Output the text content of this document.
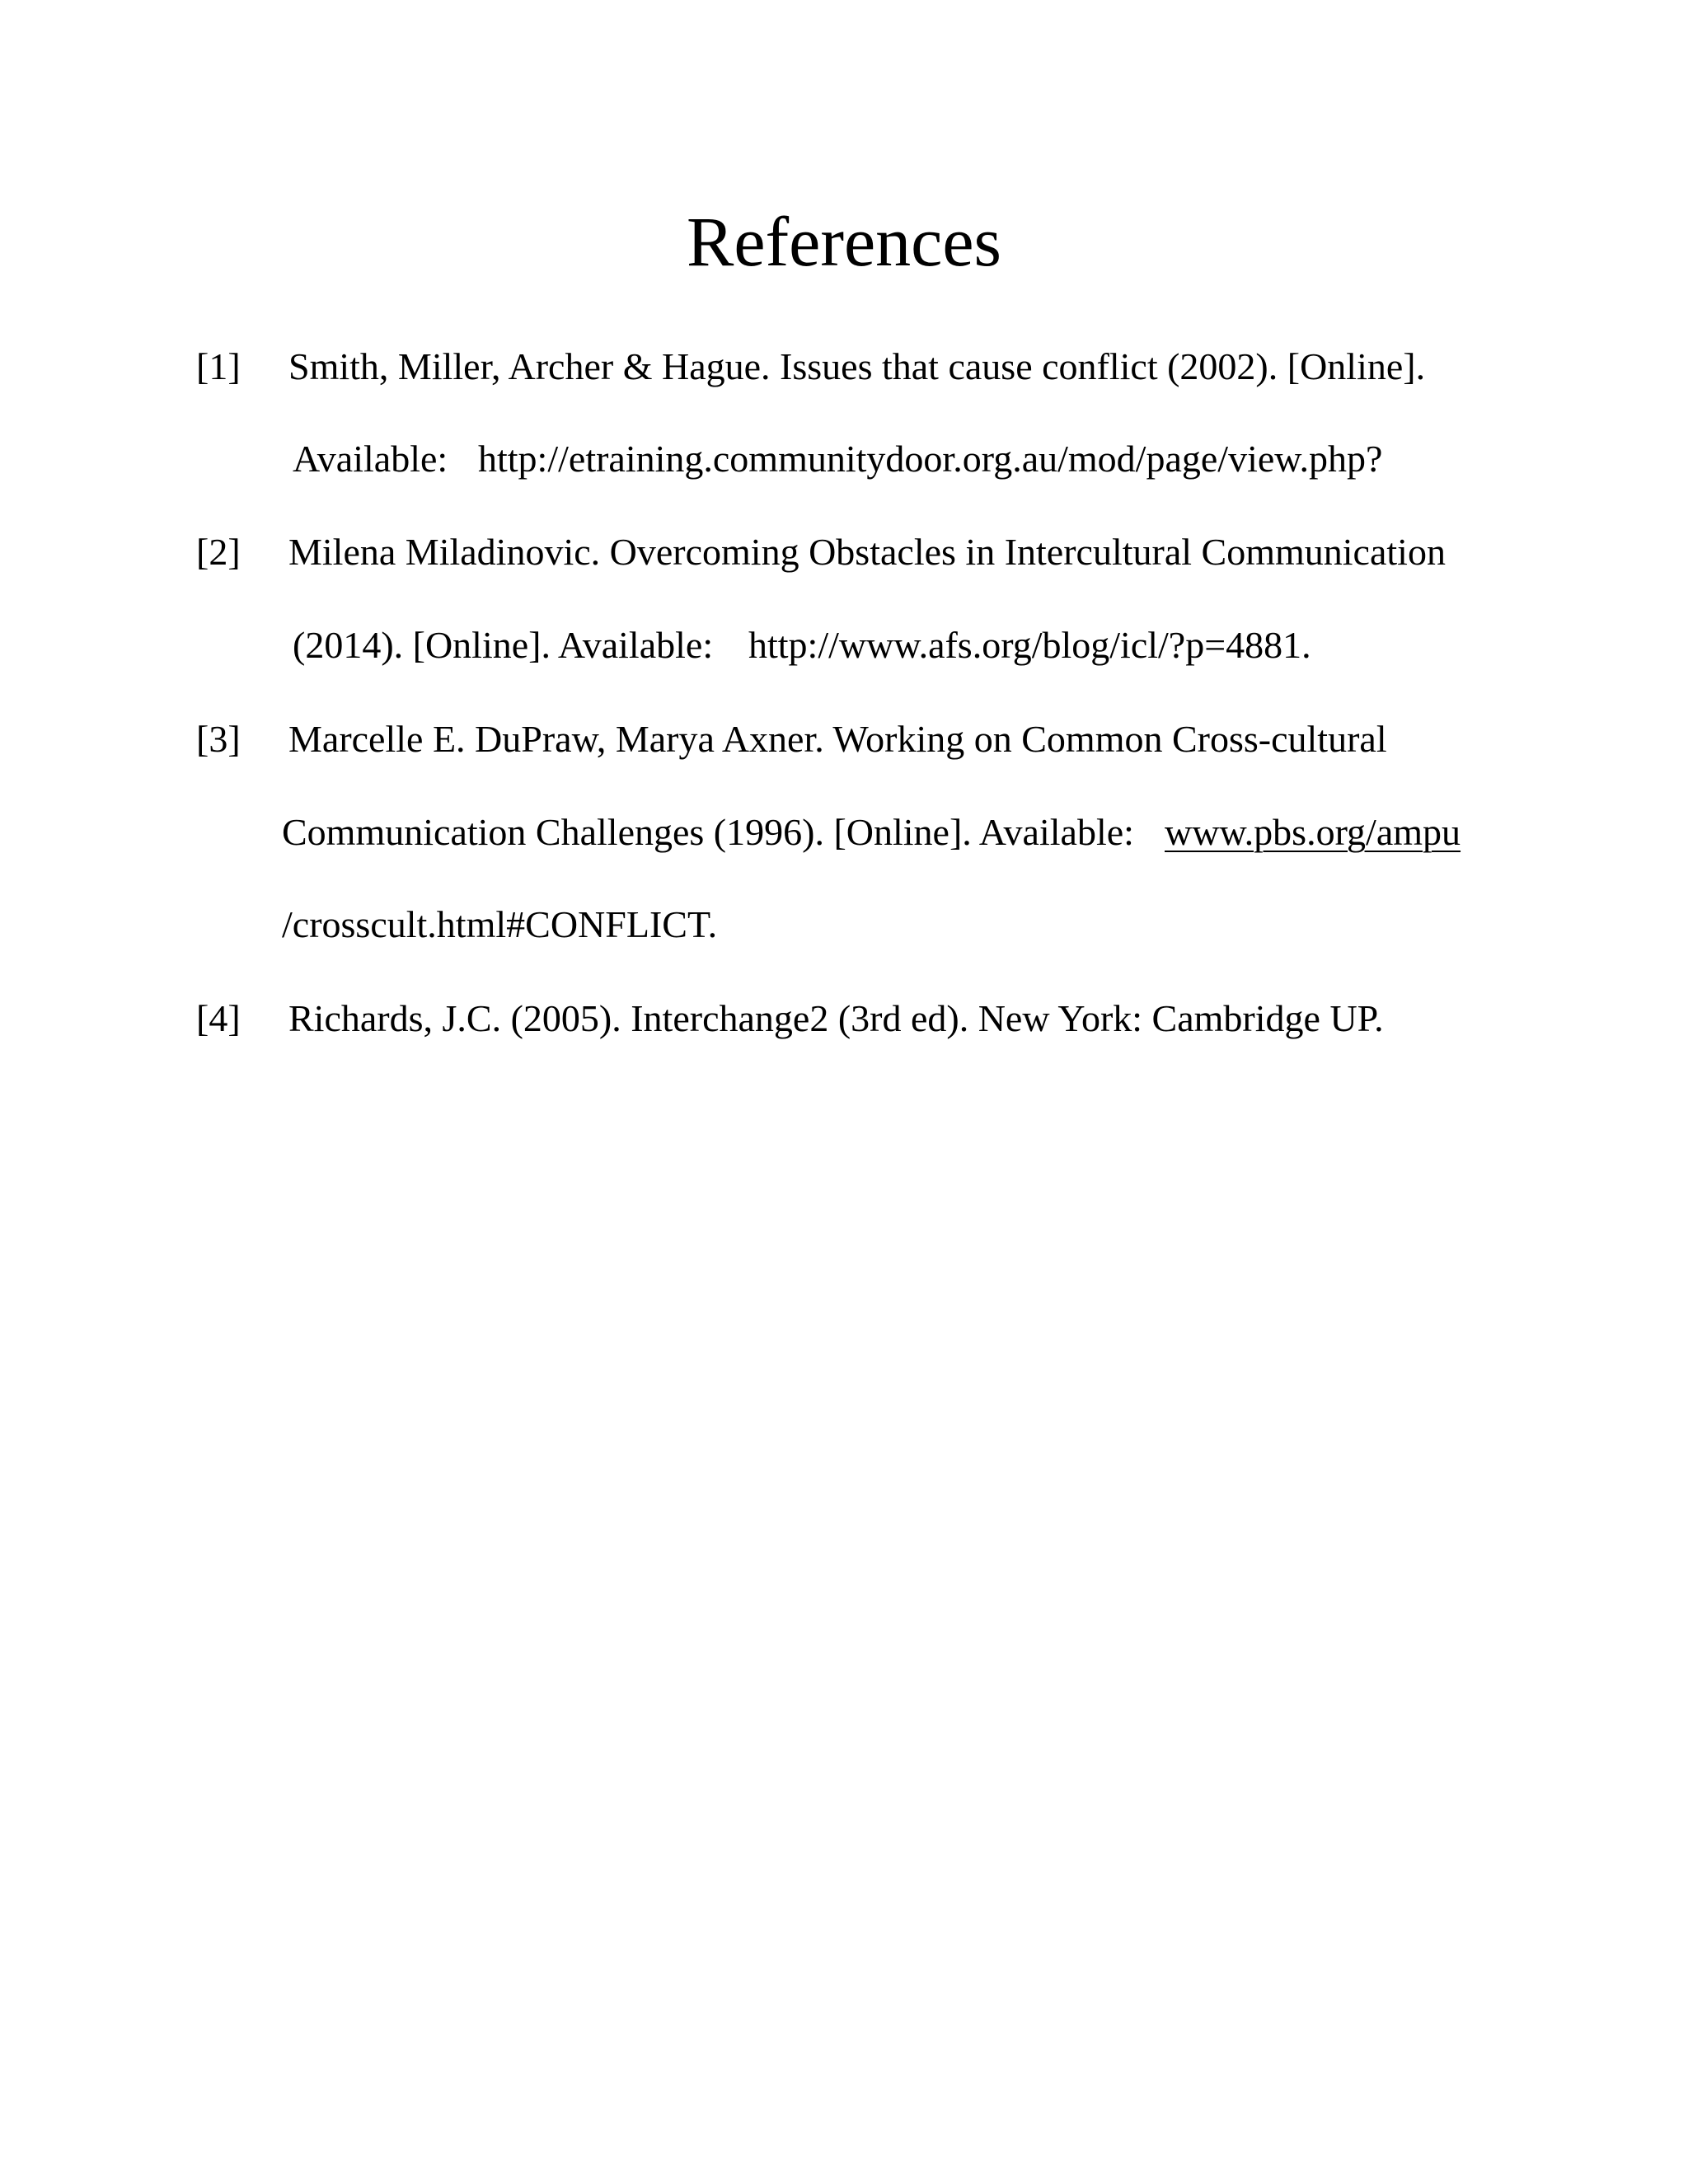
References
[1] Smith, Miller, Archer & Hague. Issues that cause conflict (2002). [Online].
Available: http://etraining.communitydoor.org.au/mod/page/view.php?
[2] Milena Miladinovic. Overcoming Obstacles in Intercultural Communication
(2014). [Online]. Available: http://www.afs.org/blog/icl/?p=4881.
[3] Marcelle E. DuPraw, Marya Axner. Working on Common Cross-cultural
Communication Challenges (1996). [Online]. Available: www.pbs.org/ampu
/crosscult.html#CONFLICT.
[4] Richards, J.C. (2005). Interchange2 (3rd ed). New York: Cambridge UP.
